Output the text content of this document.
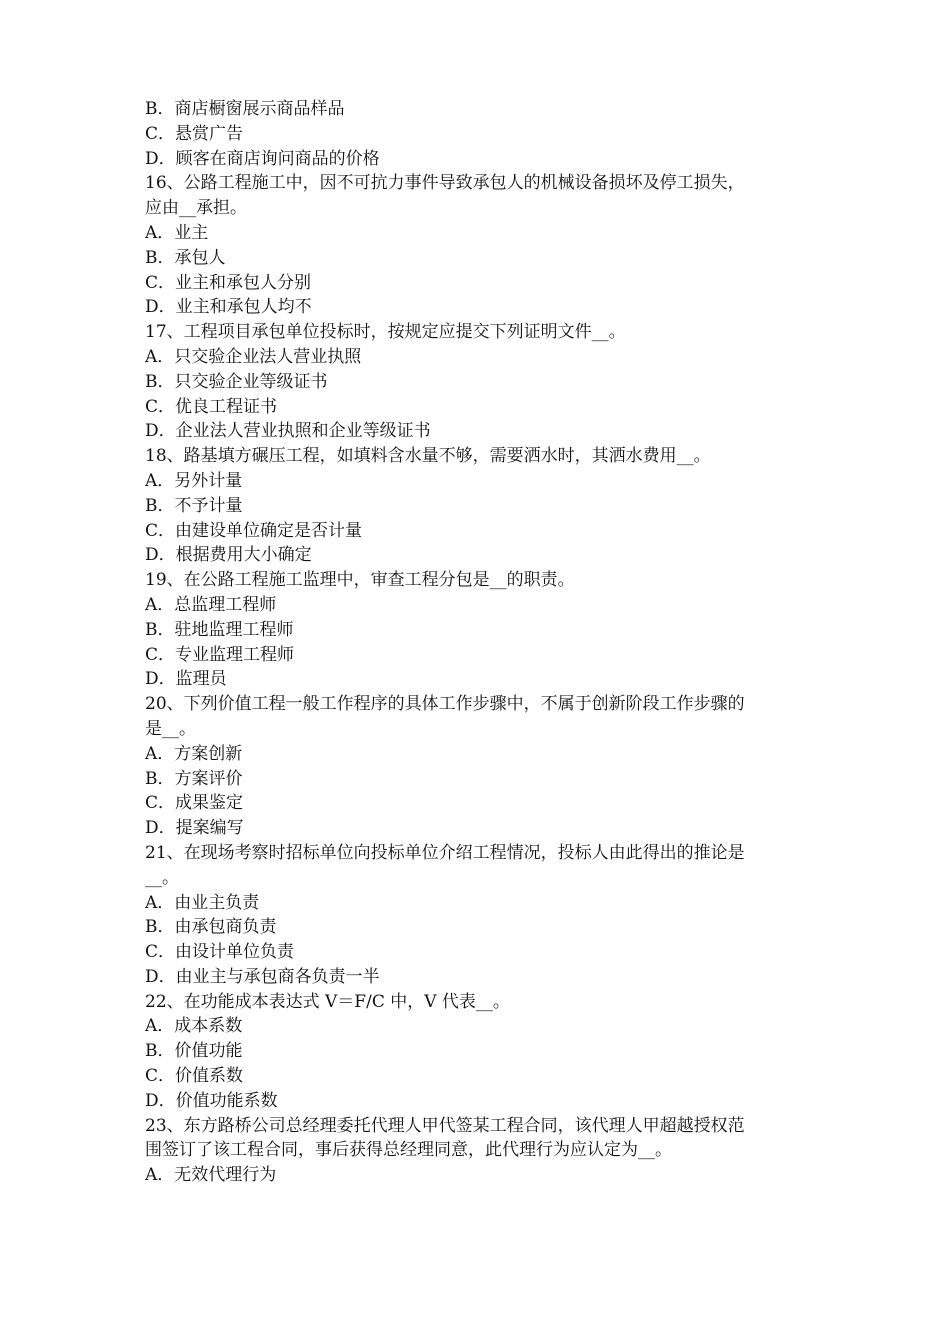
B．商店橱窗展示商品样品
C．悬赏广告
D．顾客在商店询问商品的价格
16、公路工程施工中，因不可抗力事件导致承包人的机械设备损坏及停工损失，
应由__承担。
A．业主
B．承包人
C．业主和承包人分别
D．业主和承包人均不
17、工程项目承包单位投标时，按规定应提交下列证明文件__。
A．只交验企业法人营业执照
B．只交验企业等级证书
C．优良工程证书
D．企业法人营业执照和企业等级证书
18、路基填方碾压工程，如填料含水量不够，需要洒水时，其洒水费用__。
A．另外计量
B．不予计量
C．由建设单位确定是否计量
D．根据费用大小确定
19、在公路工程施工监理中，审查工程分包是__的职责。
A．总监理工程师
B．驻地监理工程师
C．专业监理工程师
D．监理员
20、下列价值工程一般工作程序的具体工作步骤中，不属于创新阶段工作步骤的
是__。
A．方案创新
B．方案评价
C．成果鉴定
D．提案编写
21、在现场考察时招标单位向投标单位介绍工程情况，投标人由此得出的推论是
__。
A．由业主负责
B．由承包商负责
C．由设计单位负责
D．由业主与承包商各负责一半
22、在功能成本表达式 V＝F/C 中，V 代表__。
A．成本系数
B．价值功能
C．价值系数
D．价值功能系数
23、东方路桥公司总经理委托代理人甲代签某工程合同，该代理人甲超越授权范
围签订了该工程合同，事后获得总经理同意，此代理行为应认定为__。
A．无效代理行为
